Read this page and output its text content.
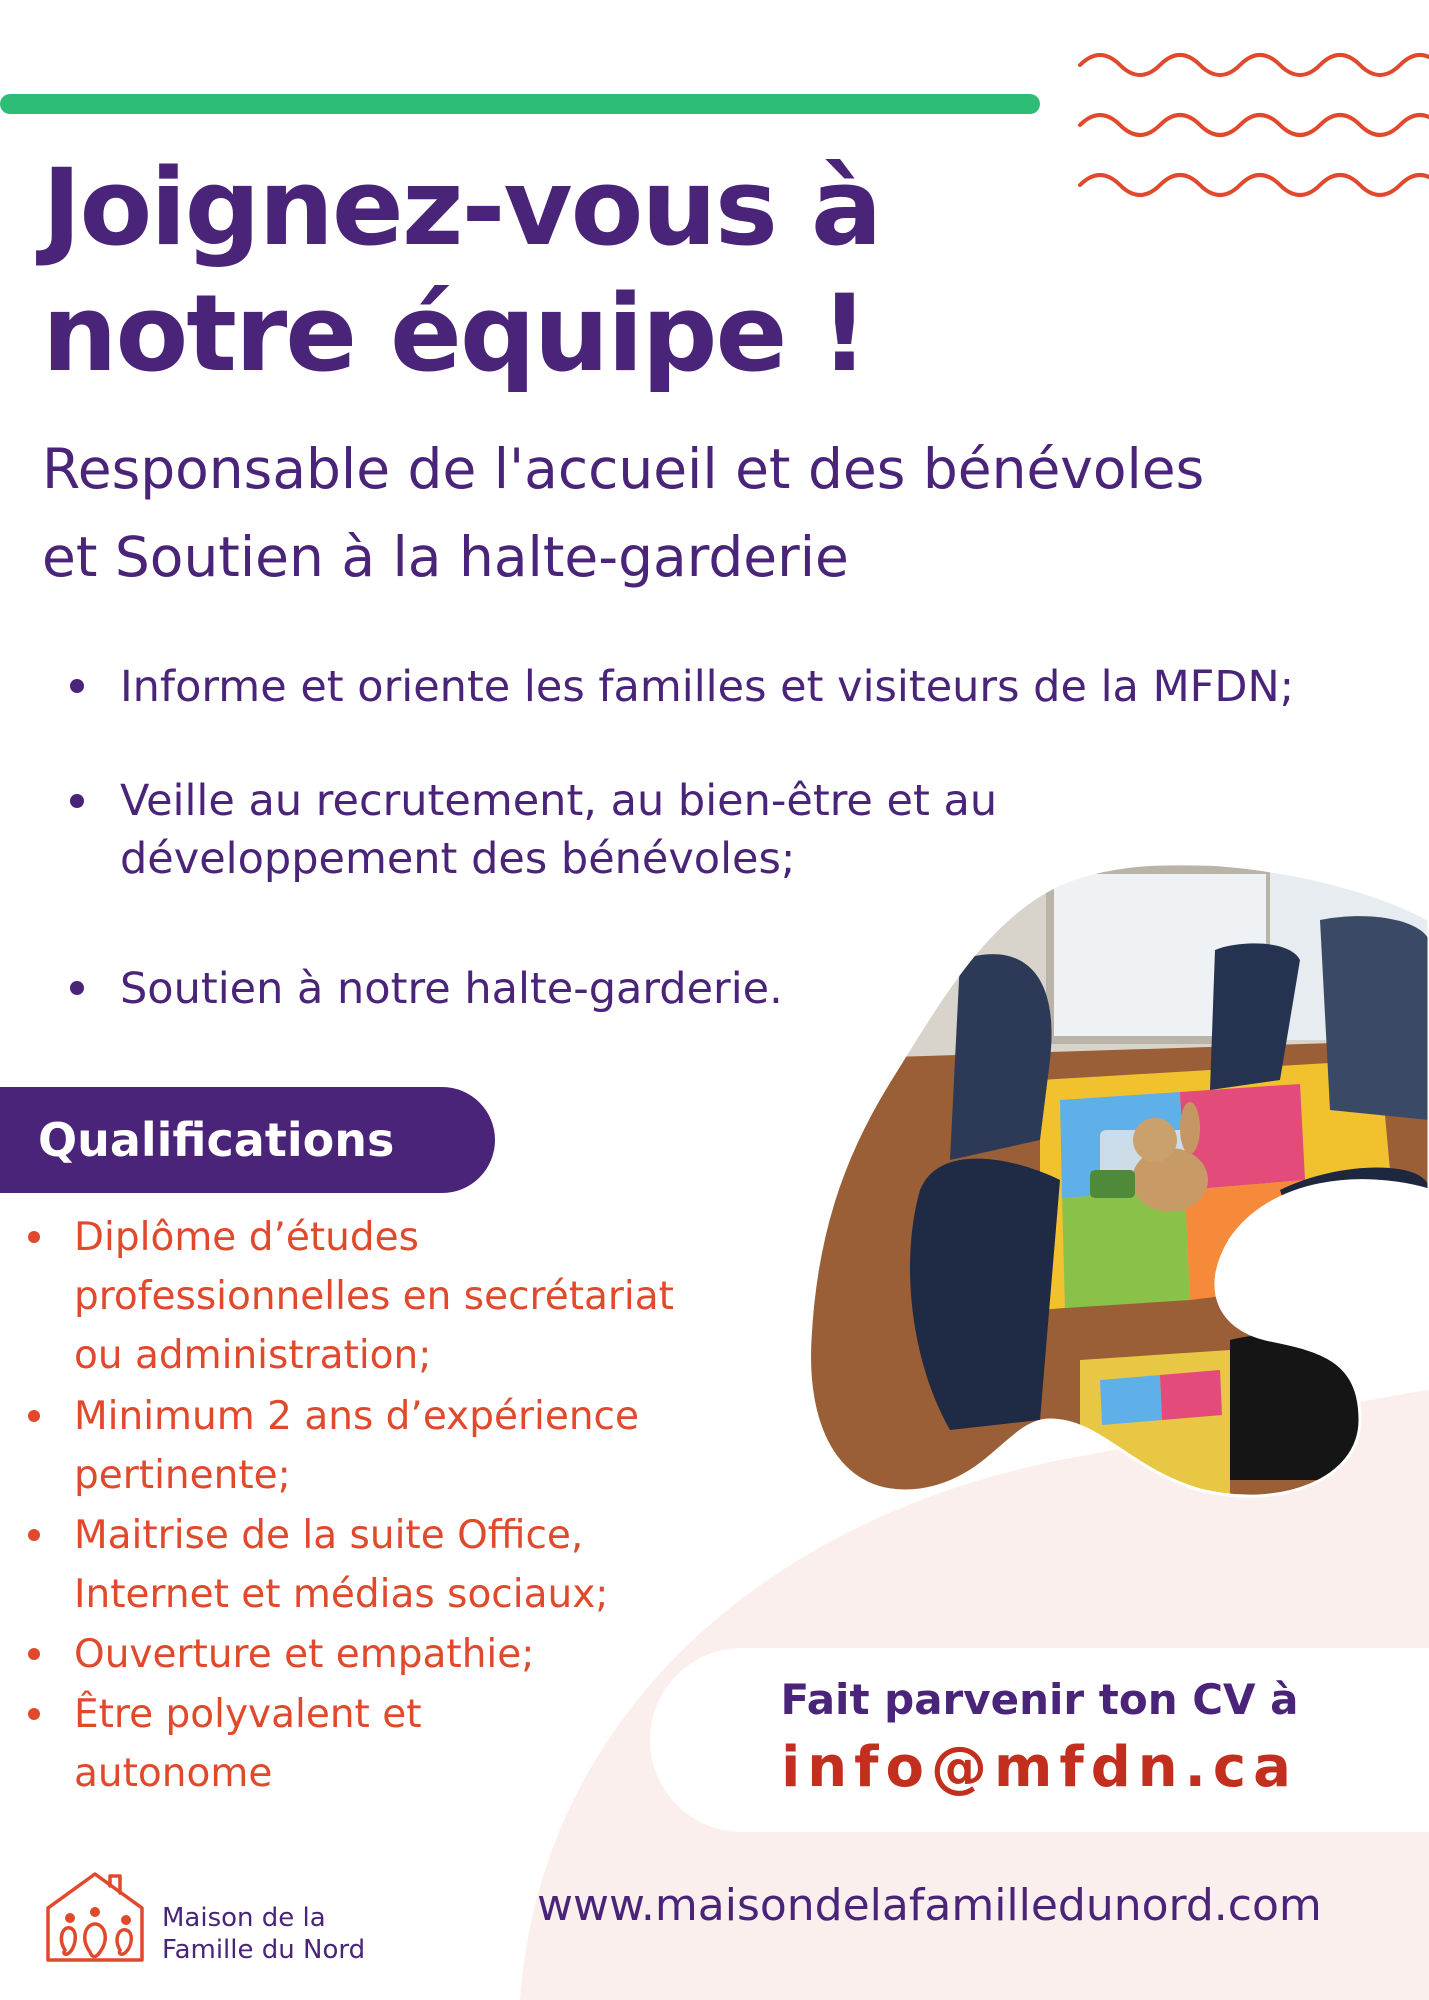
Joignez-vous à
notre équipe !
Responsable de l'accueil et des bénévoles
et Soutien à la halte-garderie
Informe et oriente les familles et visiteurs de la MFDN;
Veille au recrutement, au bien-être et au
développement des bénévoles;
Soutien à notre halte-garderie.
Qualifications
Diplôme d’études
professionnelles en secrétariat
ou administration;
Minimum 2 ans d’expérience
pertinente;
Maitrise de la suite Office,
Internet et médias sociaux;
Ouverture et empathie;
Être polyvalent et
autonome
Fait parvenir ton CV à
info@mfdn.ca
Maison de la
Famille du Nord
www.maisondelafamilledunord.com
